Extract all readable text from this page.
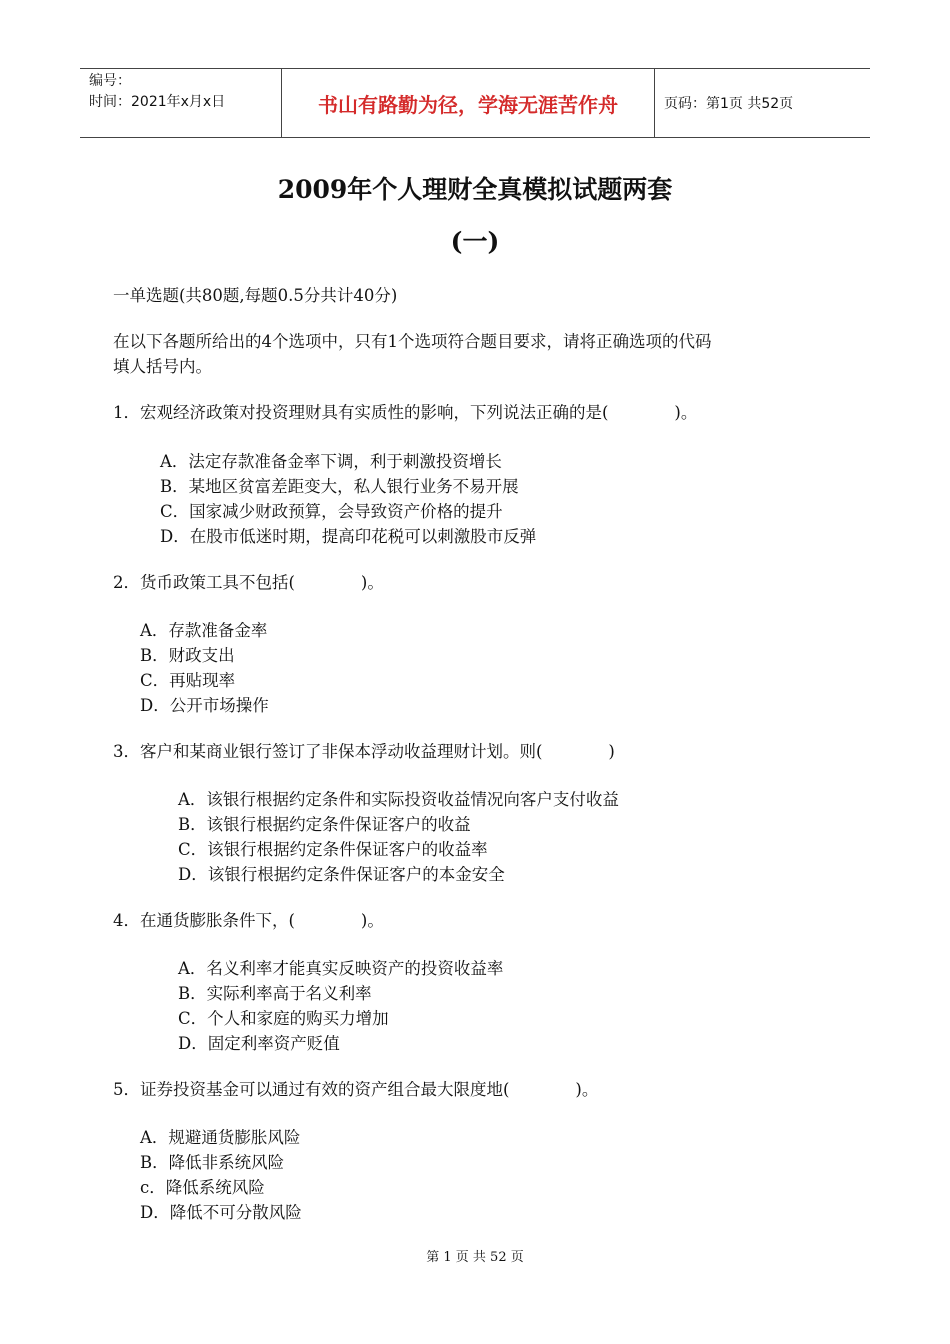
编号：
时间：2021年x月x日	书山有路勤为径，学海无涯苦作舟	页码：第1页 共52页
2009年个人理财全真模拟试题两套
(一)
一单选题(共80题,每题0.5分共计40分)
在以下各题所给出的4个选项中，只有1个选项符合题目要求，请将正确选项的代码
填人括号内。
1．宏观经济政策对投资理财具有实质性的影响，下列说法正确的是(　　　　)。
A．法定存款准备金率下调，利于刺激投资增长
B．某地区贫富差距变大，私人银行业务不易开展
C．国家减少财政预算，会导致资产价格的提升
D．在股市低迷时期，提高印花税可以刺激股市反弹
2．货币政策工具不包括(　　　　)。
A．存款准备金率
B．财政支出
C．再贴现率
D．公开市场操作
3．客户和某商业银行签订了非保本浮动收益理财计划。则(　　　　)
A．该银行根据约定条件和实际投资收益情况向客户支付收益
B．该银行根据约定条件保证客户的收益
C．该银行根据约定条件保证客户的收益率
D．该银行根据约定条件保证客户的本金安全
4．在通货膨胀条件下，(　　　　)。
A．名义利率才能真实反映资产的投资收益率
B．实际利率高于名义利率
C．个人和家庭的购买力增加
D．固定利率资产贬值
5．证券投资基金可以通过有效的资产组合最大限度地(　　　　)。
A．规避通货膨胀风险
B．降低非系统风险
c．降低系统风险
D．降低不可分散风险
第 1 页 共 52 页
